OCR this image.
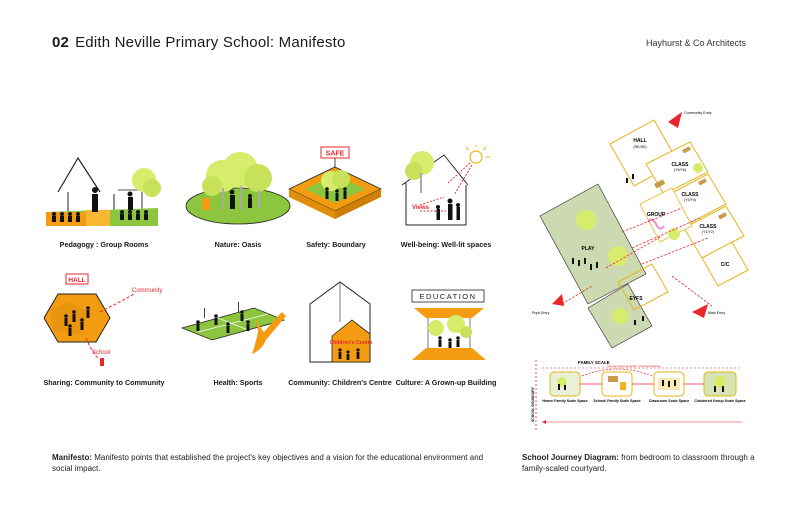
02 Edith Neville Primary School: Manifesto	Hayhurst & Co Architects
Pedagogy : Group Rooms	Nature: Oasis
SAFE
Safety: Boundary
Views
Well-being: Well-lit spaces
HALL
Community
School
Sharing: Community to Community	Health: Sports
Children's Centre
Community: Children's Centre
EDUCATION
Culture: A Grown-up Building
HALL
(RE/SE)
CLASS
(Y5/Y6)
CLASS
(Y3/Y4)
CLASS
(Y1/Y2)
GROUP
C/C
EYFS
PLAY
Community Entry
Pupil Entry	Main Entry
SCHOOL BOUNDARY
FAMILY SCALE
Home/ Family Scale Space School/ Family Scale Space Classroom Scale Space Cloistered Group Scale Space
learning begins at garden / structured learning
Manifesto: Manifesto points that established the project's key objectives and a vision for the educational environment and social impact.
School Journey Diagram: from bedroom to classroom through a family-scaled courtyard.
